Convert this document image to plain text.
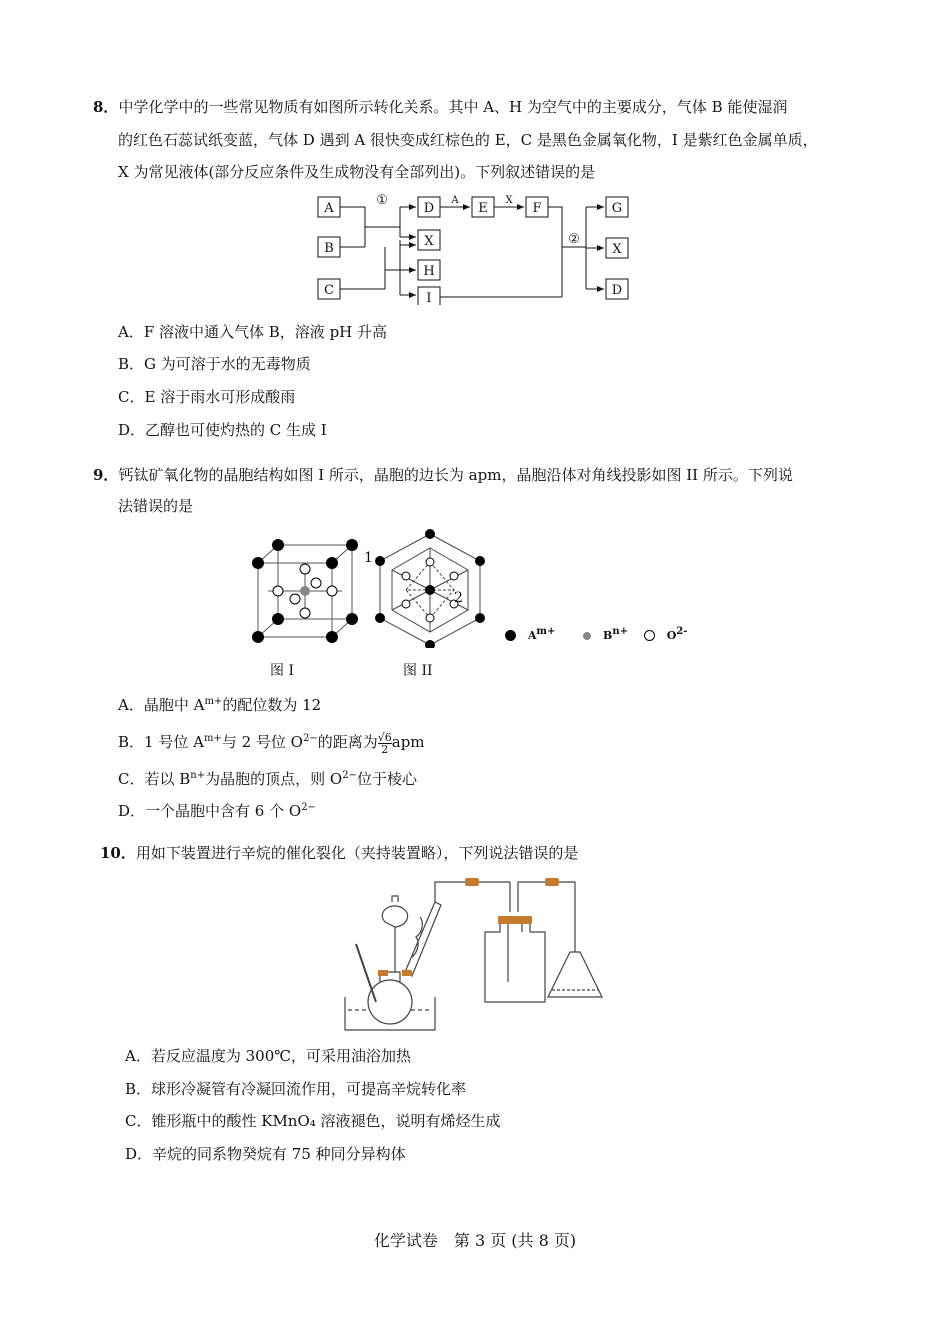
8．中学化学中的一些常见物质有如图所示转化关系。其中 A、H 为空气中的主要成分，气体 B 能使湿润
的红色石蕊试纸变蓝，气体 D 遇到 A 很快变成红棕色的 E，C 是黑色金属氧化物，I 是紫红色金属单质，
X 为常见液体(部分反应条件及生成物没有全部列出)。下列叙述错误的是
A
B
C
D
X
H
I
E	F	G
X
D
①
②
A	X
A．F 溶液中通入气体 B，溶液 pH 升高
B．G 为可溶于水的无毒物质
C．E 溶于雨水可形成酸雨
D．乙醇也可使灼热的 C 生成 I
9．钙钛矿氧化物的晶胞结构如图 I 所示，晶胞的边长为 apm，晶胞沿体对角线投影如图 II 所示。下列说
法错误的是
1
2
$A^{m+}$	$B^{n+}$	$O^{2-}$
图 I	图 II
A．晶胞中 $A^{m+}$的配位数为 12
B．1 号位 $A^{m+}$与 2 号位 $O^{2-}$的距离为 $\frac{√6}{2}$ apm
C．若以 $B^{n+}$为晶胞的顶点，则 $O^{2-}$位于棱心
D．一个晶胞中含有 6 个 $O^{2-}$
10．用如下装置进行辛烷的催化裂化（夹持装置略），下列说法错误的是
A．若反应温度为 300℃，可采用油浴加热
B．球形冷凝管有冷凝回流作用，可提高辛烷转化率
C．锥形瓶中的酸性 KMnO₄ 溶液褪色，说明有烯烃生成
D．辛烷的同系物癸烷有 75 种同分异构体
化学试卷　第 3 页 (共 8 页)
